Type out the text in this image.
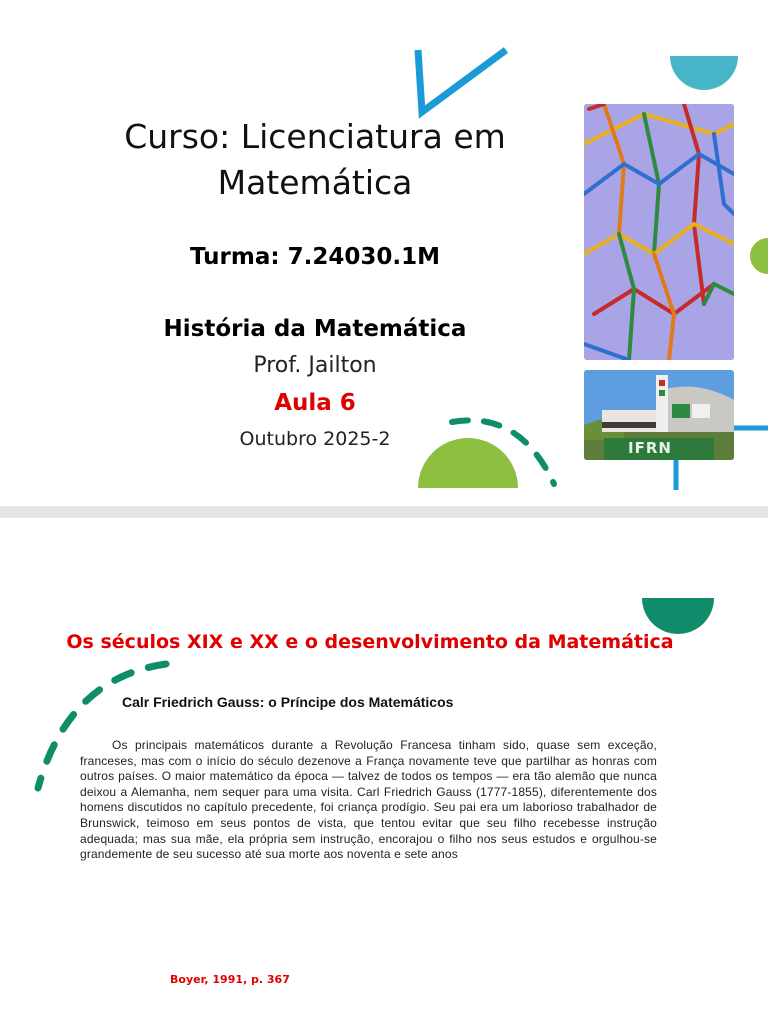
Curso: Licenciatura em
Matemática
Turma: 7.24030.1M
História da Matemática
Prof. Jailton
Aula 6
Outubro 2025-2	IFRN
Os séculos XIX e XX e o desenvolvimento da Matemática
Calr Friedrich Gauss: o Príncipe dos Matemáticos
Os principais matemáticos durante a Revolução Francesa tinham sido, quase sem exceção, franceses, mas com o início do século dezenove a França novamente teve que partilhar as honras com outros países. O maior matemático da época — talvez de todos os tempos — era tão alemão que nunca deixou a Alemanha, nem sequer para uma visita. Carl Friedrich Gauss (1777-1855), diferentemente dos homens discutidos no capítulo precedente, foi criança prodígio. Seu pai era um laborioso trabalhador de Brunswick, teimoso em seus pontos de vista, que tentou evitar que seu filho recebesse instrução adequada; mas sua mãe, ela própria sem instrução, encorajou o filho nos seus estudos e orgulhou-se grandemente de seu sucesso até sua morte aos noventa e sete anos
Boyer, 1991, p. 367
